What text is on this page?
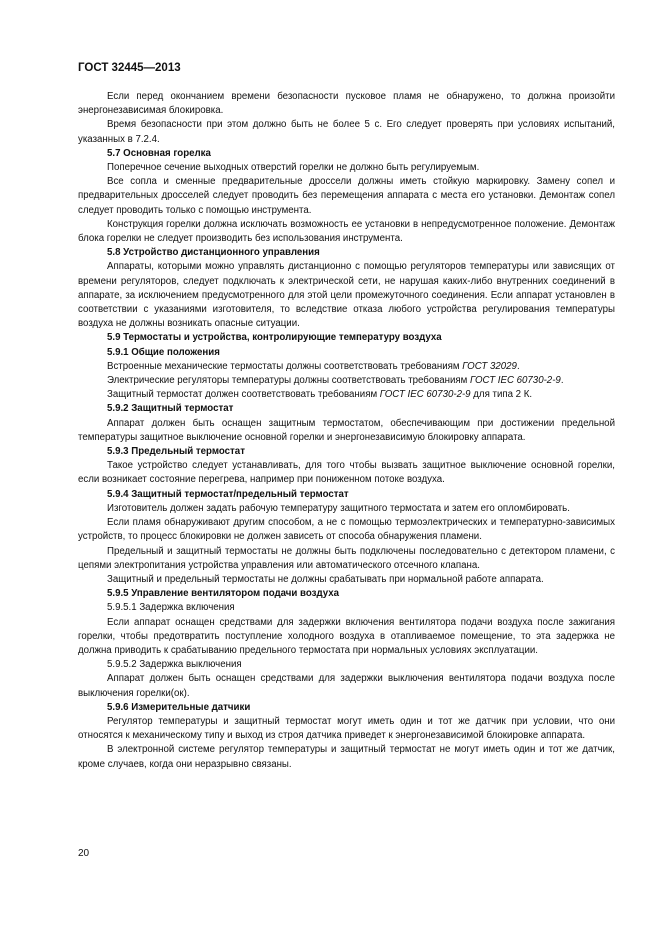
ГОСТ 32445—2013

Если перед окончанием времени безопасности пусковое пламя не обнаружено, то должна произойти энергонезависимая блокировка.

Время безопасности при этом должно быть не более 5 с. Его следует проверять при условиях испытаний, указанных в 7.2.4.

5.7 Основная горелка

Поперечное сечение выходных отверстий горелки не должно быть регулируемым.

Все сопла и сменные предварительные дроссели должны иметь стойкую маркировку. Замену сопел и предварительных дросселей следует проводить без перемещения аппарата с места его установки. Демонтаж сопел следует проводить только с помощью инструмента.

Конструкция горелки должна исключать возможность ее установки в непредусмотренное положение. Демонтаж блока горелки не следует производить без использования инструмента.

5.8 Устройство дистанционного управления

Аппараты, которыми можно управлять дистанционно с помощью регуляторов температуры или зависящих от времени регуляторов, следует подключать к электрической сети, не нарушая каких-либо внутренних соединений в аппарате, за исключением предусмотренного для этой цели промежуточного соединения. Если аппарат установлен в соответствии с указаниями изготовителя, то вследствие отказа любого устройства регулирования температуры воздуха не должны возникать опасные ситуации.

5.9 Термостаты и устройства, контролирующие температуру воздуха

5.9.1 Общие положения

Встроенные механические термостаты должны соответствовать требованиям ГОСТ 32029.

Электрические регуляторы температуры должны соответствовать требованиям ГОСТ IEC 60730-2-9.

Защитный термостат должен соответствовать требованиям ГОСТ IEC 60730-2-9 для типа 2 К.

5.9.2 Защитный термостат

Аппарат должен быть оснащен защитным термостатом, обеспечивающим при достижении предельной температуры защитное выключение основной горелки и энергонезависимую блокировку аппарата.

5.9.3 Предельный термостат

Такое устройство следует устанавливать, для того чтобы вызвать защитное выключение основной горелки, если возникает состояние перегрева, например при пониженном потоке воздуха.

5.9.4 Защитный термостат/предельный термостат

Изготовитель должен задать рабочую температуру защитного термостата и затем его опломбировать.

Если пламя обнаруживают другим способом, а не с помощью термоэлектрических и температурно-зависимых устройств, то процесс блокировки не должен зависеть от способа обнаружения пламени.

Предельный и защитный термостаты не должны быть подключены последовательно с детектором пламени, с цепями электропитания устройства управления или автоматического отсечного клапана.

Защитный и предельный термостаты не должны срабатывать при нормальной работе аппарата.

5.9.5 Управление вентилятором подачи воздуха

5.9.5.1 Задержка включения

Если аппарат оснащен средствами для задержки включения вентилятора подачи воздуха после зажигания горелки, чтобы предотвратить поступление холодного воздуха в отапливаемое помещение, то эта задержка не должна приводить к срабатыванию предельного термостата при нормальных условиях эксплуатации.

5.9.5.2 Задержка выключения

Аппарат должен быть оснащен средствами для задержки выключения вентилятора подачи воздуха после выключения горелки(ок).

5.9.6 Измерительные датчики

Регулятор температуры и защитный термостат могут иметь один и тот же датчик при условии, что они относятся к механическому типу и выход из строя датчика приведет к энергонезависимой блокировке аппарата.

В электронной системе регулятор температуры и защитный термостат не могут иметь один и тот же датчик, кроме случаев, когда они неразрывно связаны.

20
